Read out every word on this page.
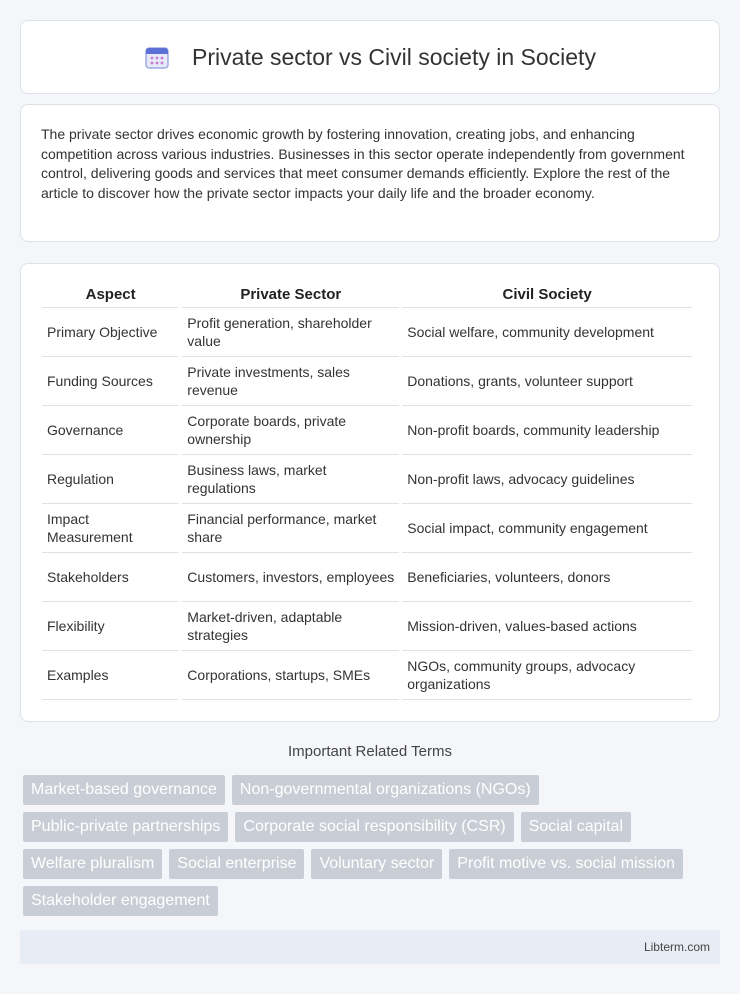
Private sector vs Civil society in Society

The private sector drives economic growth by fostering innovation, creating jobs, and enhancing competition across various industries. Businesses in this sector operate independently from government control, delivering goods and services that meet consumer demands efficiently. Explore the rest of the article to discover how the private sector impacts your daily life and the broader economy.

Aspect	Private Sector	Civil Society
Primary Objective	Profit generation, shareholder value	Social welfare, community development
Funding Sources	Private investments, sales revenue	Donations, grants, volunteer support
Governance	Corporate boards, private ownership	Non-profit boards, community leadership
Regulation	Business laws, market regulations	Non-profit laws, advocacy guidelines
Impact Measurement	Financial performance, market share	Social impact, community engagement
Stakeholders	Customers, investors, employees	Beneficiaries, volunteers, donors
Flexibility	Market-driven, adaptable strategies	Mission-driven, values-based actions
Examples	Corporations, startups, SMEs	NGOs, community groups, advocacy organizations
Important Related Terms
Market-based governance	Non-governmental organizations (NGOs)
Public-private partnerships	Corporate social responsibility (CSR)	Social capital
Welfare pluralism	Social enterprise	Voluntary sector	Profit motive vs. social mission
Stakeholder engagement
Libterm.com
